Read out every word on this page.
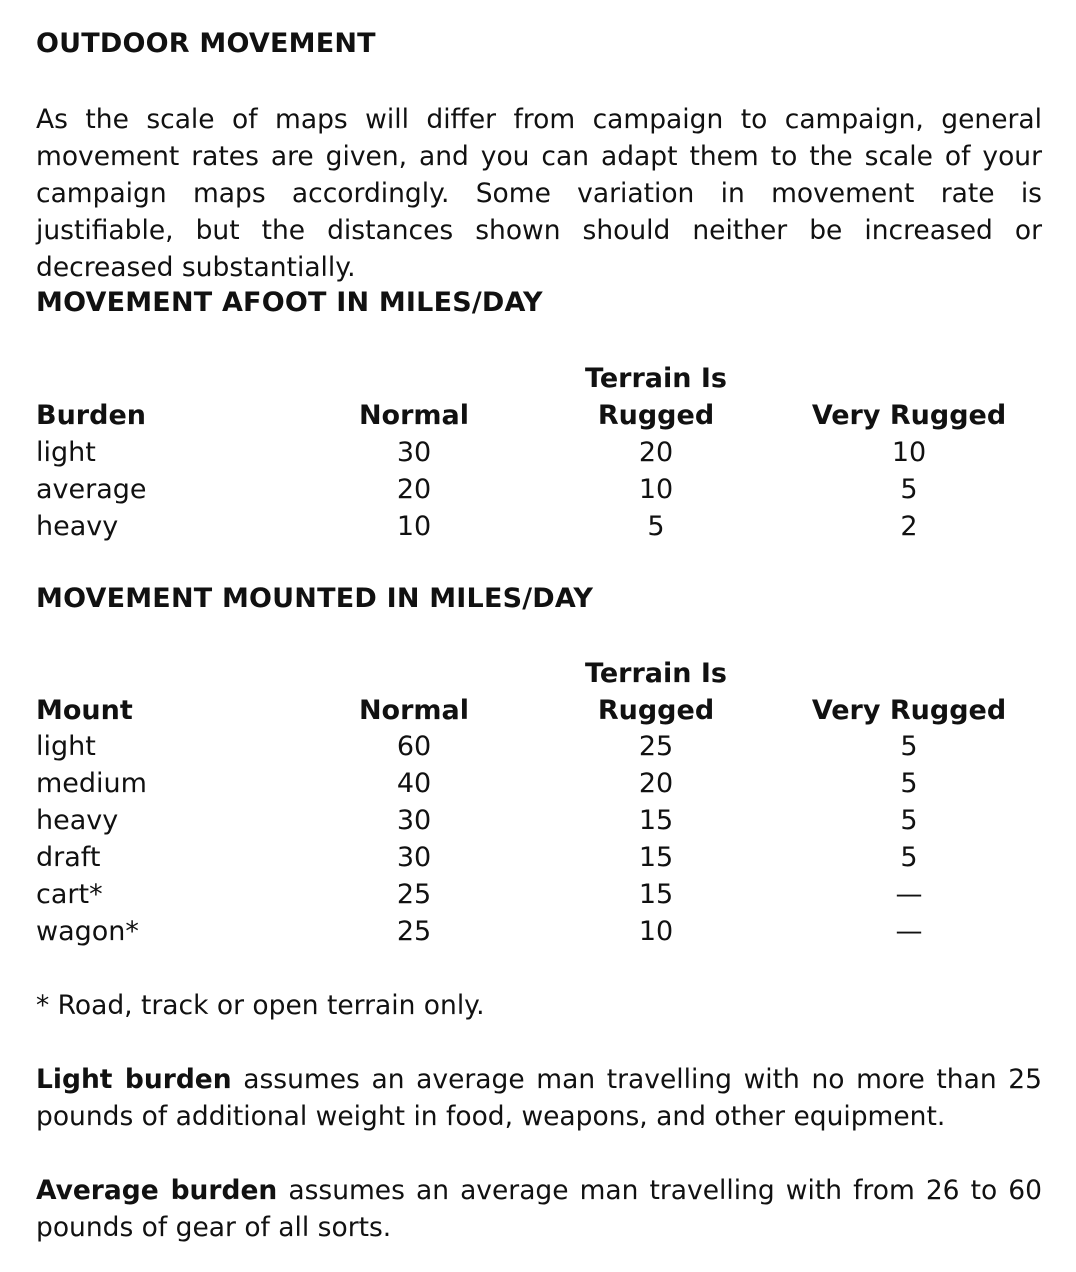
OUTDOOR MOVEMENT
As the scale of maps will differ from campaign to campaign, general movement rates are given, and you can adapt them to the scale of your campaign maps accordingly. Some variation in movement rate is justifiable, but the distances shown should neither be increased or decreased substantially.
MOVEMENT AFOOT IN MILES/DAY
Terrain Is
Burden	Normal	Rugged	Very Rugged
light	30	20	10
average	20	10	5
heavy	10	5	2
MOVEMENT MOUNTED IN MILES/DAY
Terrain Is
Mount	Normal	Rugged	Very Rugged
light	60	25	5
medium	40	20	5
heavy	30	15	5
draft	30	15	5
cart*	25	15	—
wagon*	25	10	—
* Road, track or open terrain only.
Light burden assumes an average man travelling with no more than 25 pounds of additional weight in food, weapons, and other equipment.
Average burden assumes an average man travelling with from 26 to 60 pounds of gear of all sorts.
